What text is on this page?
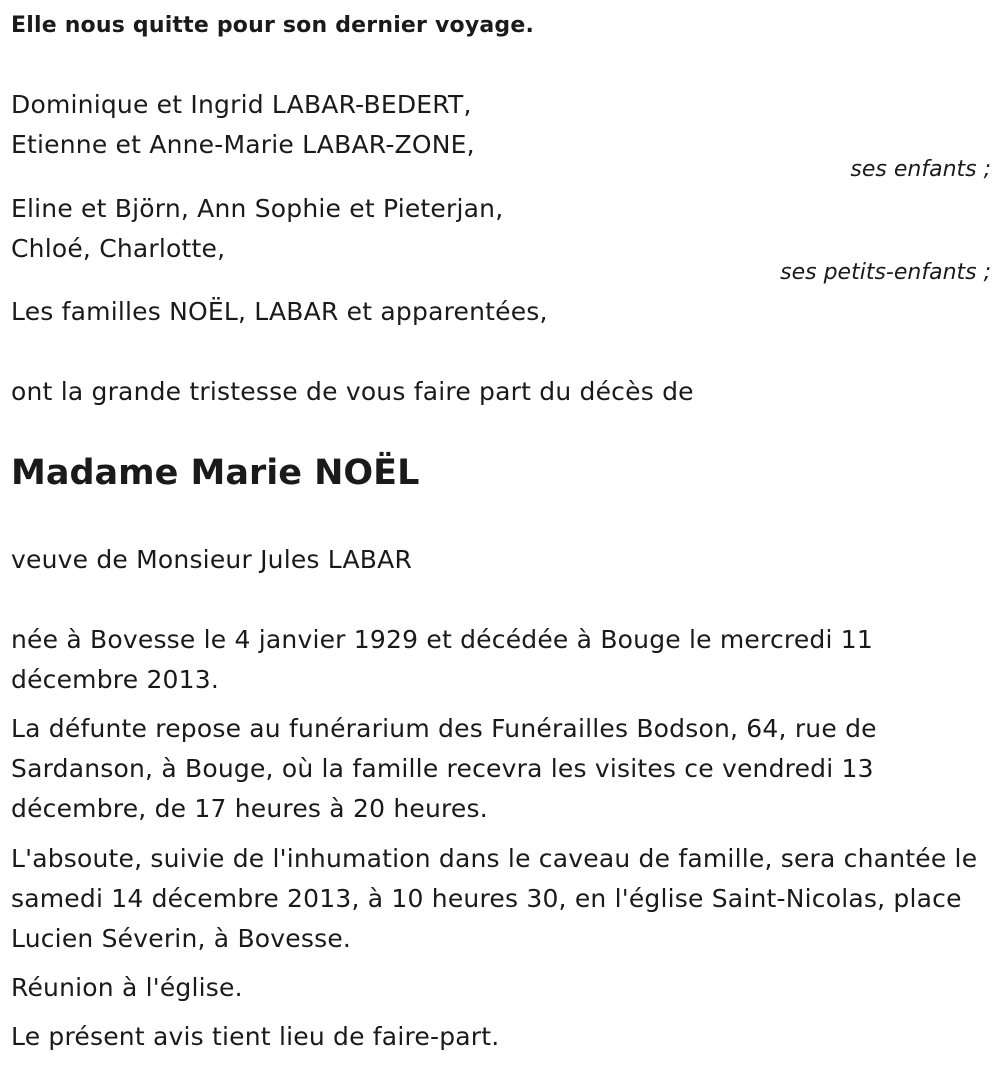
Elle nous quitte pour son dernier voyage.
Dominique et Ingrid LABAR-BEDERT,
Etienne et Anne-Marie LABAR-ZONE,
ses enfants ;
Eline et Björn, Ann Sophie et Pieterjan,
Chloé, Charlotte,
ses petits-enfants ;
Les familles NOËL, LABAR et apparentées,
ont la grande tristesse de vous faire part du décès de
Madame Marie NOËL
veuve de Monsieur Jules LABAR
née à Bovesse le 4 janvier 1929 et décédée à Bouge le mercredi 11 décembre 2013.
La défunte repose au funérarium des Funérailles Bodson, 64, rue de Sardanson, à Bouge, où la famille recevra les visites ce vendredi 13 décembre, de 17 heures à 20 heures.
L'absoute, suivie de l'inhumation dans le caveau de famille, sera chantée le samedi 14 décembre 2013, à 10 heures 30, en l'église Saint-Nicolas, place Lucien Séverin, à Bovesse.
Réunion à l'église.
Le présent avis tient lieu de faire-part.
